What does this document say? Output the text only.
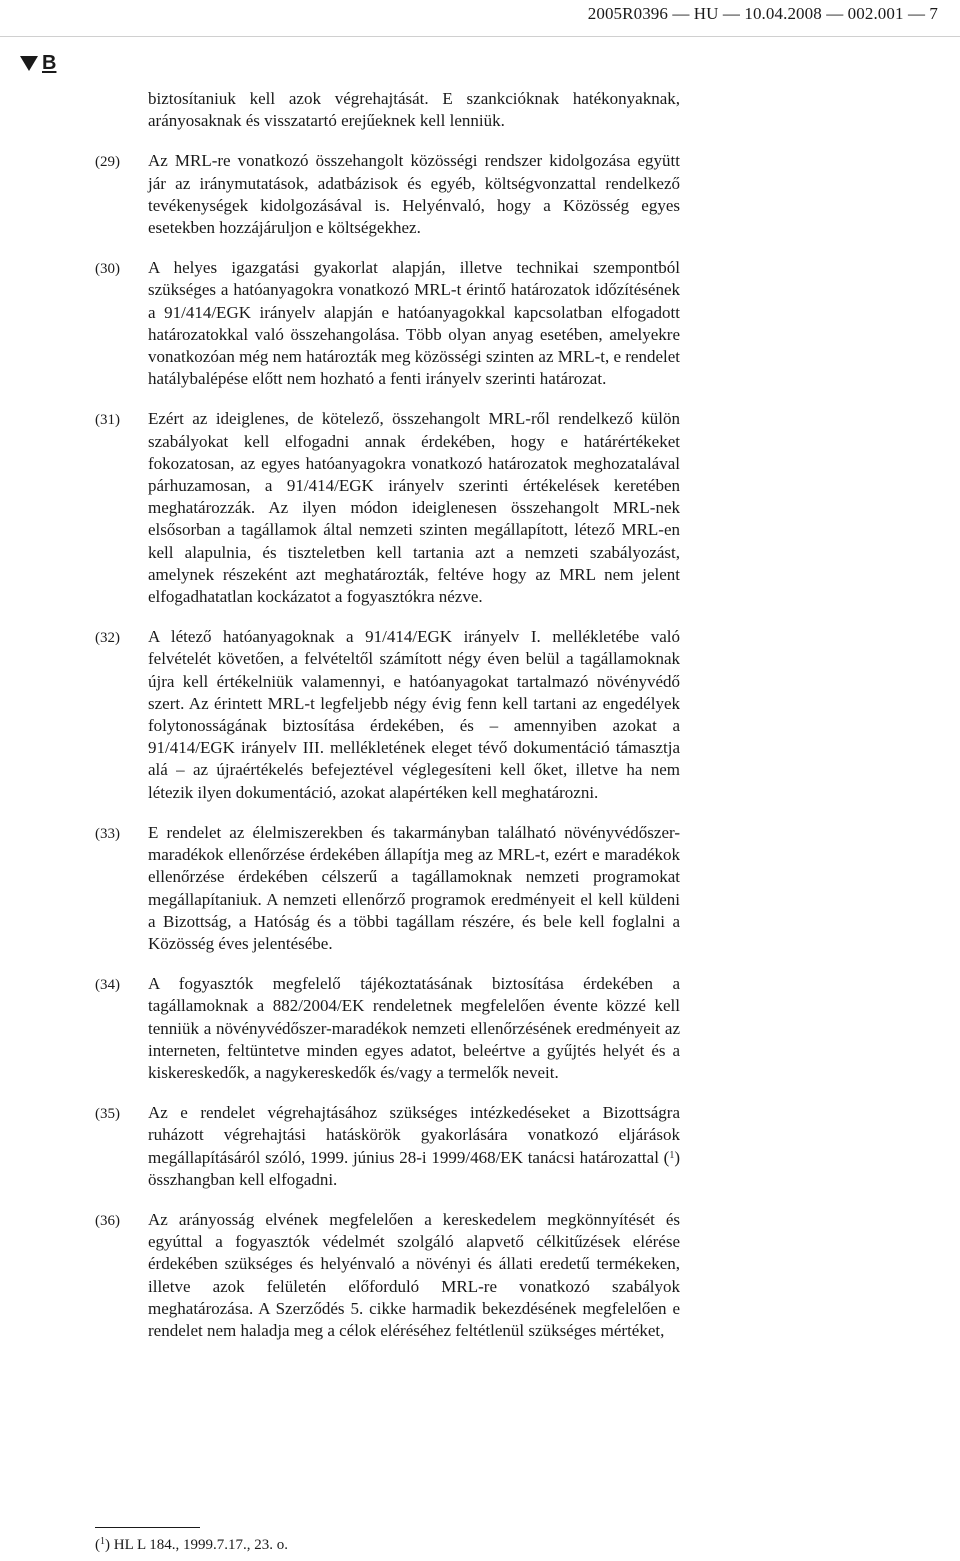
2005R0396 — HU — 10.04.2008 — 002.001 — 7
B
biztosítaniuk kell azok végrehajtását. E szankcióknak hatékonyaknak, arányosaknak és visszatartó erejűeknek kell lenniük.
(29)	Az MRL-re vonatkozó összehangolt közösségi rendszer kidolgozása együtt jár az iránymutatások, adatbázisok és egyéb, költségvonzattal rendelkező tevékenységek kidolgozásával is. Helyénvaló, hogy a Közösség egyes esetekben hozzájáruljon e költségekhez.
(30)	A helyes igazgatási gyakorlat alapján, illetve technikai szempontból szükséges a hatóanyagokra vonatkozó MRL-t érintő határozatok időzítésének a 91/414/EGK irányelv alapján e hatóanyagokkal kapcsolatban elfogadott határozatokkal való összehangolása. Több olyan anyag esetében, amelyekre vonatkozóan még nem határozták meg közösségi szinten az MRL-t, e rendelet hatálybalépése előtt nem hozható a fenti irányelv szerinti határozat.
(31)	Ezért az ideiglenes, de kötelező, összehangolt MRL-ről rendelkező külön szabályokat kell elfogadni annak érdekében, hogy e határértékeket fokozatosan, az egyes hatóanyagokra vonatkozó határozatok meghozatalával párhuzamosan, a 91/414/EGK irányelv szerinti értékelések keretében meghatározzák. Az ilyen módon ideiglenesen összehangolt MRL-nek elsősorban a tagállamok által nemzeti szinten megállapított, létező MRL-en kell alapulnia, és tiszteletben kell tartania azt a nemzeti szabályozást, amelynek részeként azt meghatározták, feltéve hogy az MRL nem jelent elfogadhatatlan kockázatot a fogyasztókra nézve.
(32)	A létező hatóanyagoknak a 91/414/EGK irányelv I. mellékletébe való felvételét követően, a felvételtől számított négy éven belül a tagállamoknak újra kell értékelniük valamennyi, e hatóanyagokat tartalmazó növényvédő szert. Az érintett MRL-t legfeljebb négy évig fenn kell tartani az engedélyek folytonosságának biztosítása érdekében, és – amennyiben azokat a 91/414/EGK irányelv III. mellékletének eleget tévő dokumentáció támasztja alá – az újraértékelés befejeztével véglegesíteni kell őket, illetve ha nem létezik ilyen dokumentáció, azokat alapértéken kell meghatározni.
(33)	E rendelet az élelmiszerekben és takarmányban található növényvédőszer-maradékok ellenőrzése érdekében állapítja meg az MRL-t, ezért e maradékok ellenőrzése érdekében célszerű a tagállamoknak nemzeti programokat megállapítaniuk. A nemzeti ellenőrző programok eredményeit el kell küldeni a Bizottság, a Hatóság és a többi tagállam részére, és bele kell foglalni a Közösség éves jelentésébe.
(34)	A fogyasztók megfelelő tájékoztatásának biztosítása érdekében a tagállamoknak a 882/2004/EK rendeletnek megfelelően évente közzé kell tenniük a növényvédőszer-maradékok nemzeti ellenőrzésének eredményeit az interneten, feltüntetve minden egyes adatot, beleértve a gyűjtés helyét és a kiskereskedők, a nagykereskedők és/vagy a termelők neveit.
(35)	Az e rendelet végrehajtásához szükséges intézkedéseket a Bizottságra ruházott végrehajtási hatáskörök gyakorlására vonatkozó eljárások megállapításáról szóló, 1999. június 28-i 1999/468/EK tanácsi határozattal ($^1$) összhangban kell elfogadni.
(36)	Az arányosság elvének megfelelően a kereskedelem megkönnyítését és egyúttal a fogyasztók védelmét szolgáló alapvető célkitűzések elérése érdekében szükséges és helyénvaló a növényi és állati eredetű termékeken, illetve azok felületén előforduló MRL-re vonatkozó szabályok meghatározása. A Szerződés 5. cikke harmadik bekezdésének megfelelően e rendelet nem haladja meg a célok eléréséhez feltétlenül szükséges mértéket,
($^1$) HL L 184., 1999.7.17., 23. o.
